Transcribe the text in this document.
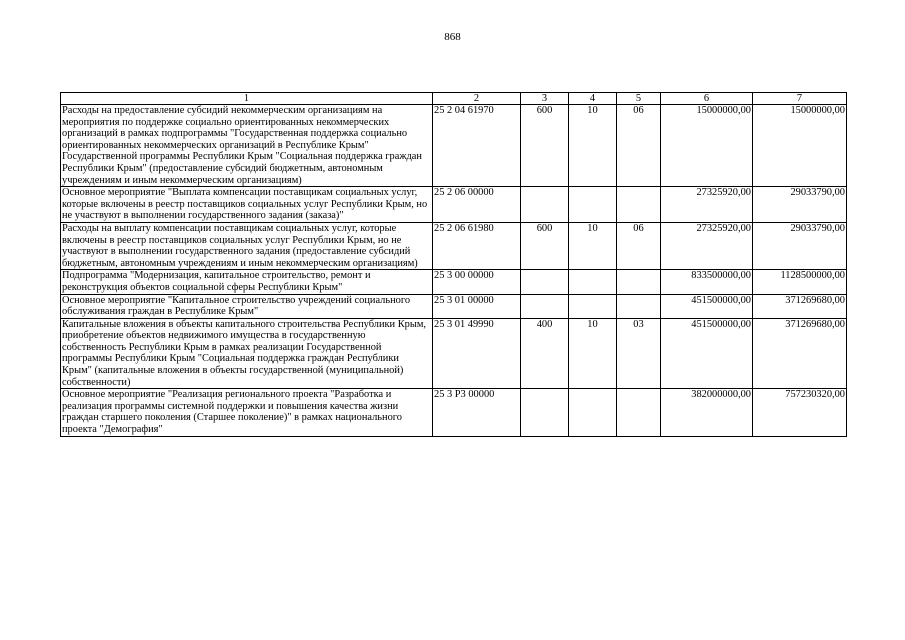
868
1	2	3	4	5	6	7
Расходы на предоставление субсидий некоммерческим организациям на мероприятия по поддержке социально ориентированных некоммерческих организаций в рамках подпрограммы "Государственная поддержка социально ориентированных некоммерческих организаций в Республике Крым" Государственной программы Республики Крым "Социальная поддержка граждан Республики Крым" (предоставление субсидий бюджетным, автономным учреждениям и иным некоммерческим организациям)	25 2 04 61970	600	10	06	15000000,00	15000000,00
Основное мероприятие "Выплата компенсации поставщикам социальных услуг, которые включены в реестр поставщиков социальных услуг Республики Крым, но не участвуют в выполнении государственного задания (заказа)"	25 2 06 00000				27325920,00	29033790,00
Расходы на выплату компенсации поставщикам социальных услуг, которые включены в реестр поставщиков социальных услуг Республики Крым, но не участвуют в выполнении государственного задания (предоставление субсидий бюджетным, автономным учреждениям и иным некоммерческим организациям)	25 2 06 61980	600	10	06	27325920,00	29033790,00
Подпрограмма "Модернизация, капитальное строительство, ремонт и реконструкция объектов социальной сферы Республики Крым"	25 3 00 00000				833500000,00	1128500000,00
Основное мероприятие "Капитальное строительство учреждений социального обслуживания граждан в Республике Крым"	25 3 01 00000				451500000,00	371269680,00
Капитальные вложения в объекты капитального строительства Республики Крым, приобретение объектов недвижимого имущества в государственную собственность Республики Крым в рамках реализации Государственной программы Республики Крым "Социальная поддержка граждан Республики Крым" (капитальные вложения в объекты государственной (муниципальной) собственности)	25 3 01 49990	400	10	03	451500000,00	371269680,00
Основное мероприятие "Реализация регионального проекта "Разработка и реализация программы системной поддержки и повышения качества жизни граждан старшего поколения (Старшее поколение)" в рамках национального проекта "Демография"	25 3 P3 00000				382000000,00	757230320,00
